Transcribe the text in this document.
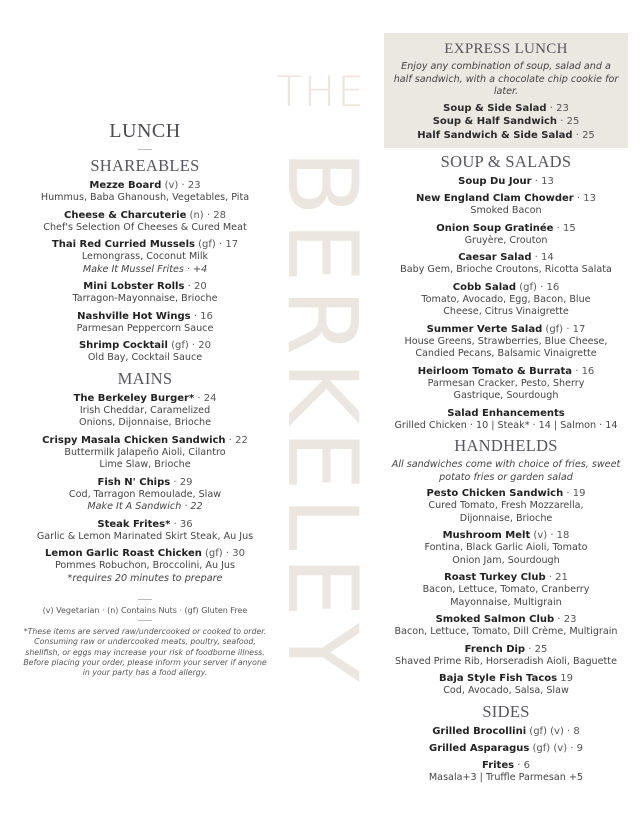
THE
BERKELEY
LUNCH
SHAREABLES
Mezze Board (v) · 23
Hummus, Baba Ghanoush, Vegetables, Pita
Cheese & Charcuterie (n) · 28
Chef's Selection Of Cheeses & Cured Meat
Thai Red Curried Mussels (gf) · 17
Lemongrass, Coconut Milk
Make It Mussel Frites · +4
Mini Lobster Rolls · 20
Tarragon-Mayonnaise, Brioche
Nashville Hot Wings · 16
Parmesan Peppercorn Sauce
Shrimp Cocktail (gf) · 20
Old Bay, Cocktail Sauce
MAINS
The Berkeley Burger* · 24
Irish Cheddar, Caramelized
Onions, Dijonnaise, Brioche
Crispy Masala Chicken Sandwich · 22
Buttermilk Jalapeño Aioli, Cilantro
Lime Slaw, Brioche
Fish N' Chips · 29
Cod, Tarragon Remoulade, Slaw
Make It A Sandwich · 22
Steak Frites* · 36
Garlic & Lemon Marinated Skirt Steak, Au Jus
Lemon Garlic Roast Chicken (gf) · 30
Pommes Robuchon, Broccolini, Au Jus
*requires 20 minutes to prepare
(v) Vegetarian · (n) Contains Nuts · (gf) Gluten Free
*These items are served raw/undercooked or cooked to order. Consuming raw or undercooked meats, poultry, seafood, shellfish, or eggs may increase your risk of foodborne illness. Before placing your order, please inform your server if anyone in your party has a food allergy.
EXPRESS LUNCH
Enjoy any combination of soup, salad and a half sandwich, with a chocolate chip cookie for later.
Soup & Side Salad · 23
Soup & Half Sandwich · 25
Half Sandwich & Side Salad · 25
SOUP & SALADS
Soup Du Jour · 13
New England Clam Chowder · 13
Smoked Bacon
Onion Soup Gratinée · 15
Gruyère, Crouton
Caesar Salad · 14
Baby Gem, Brioche Croutons, Ricotta Salata
Cobb Salad (gf) · 16
Tomato, Avocado, Egg, Bacon, Blue
Cheese, Citrus Vinaigrette
Summer Verte Salad (gf) · 17
House Greens, Strawberries, Blue Cheese,
Candied Pecans, Balsamic Vinaigrette
Heirloom Tomato & Burrata · 16
Parmesan Cracker, Pesto, Sherry
Gastrique, Sourdough
Salad Enhancements
Grilled Chicken · 10 | Steak* · 14 | Salmon · 14
HANDHELDS
All sandwiches come with choice of fries, sweet potato fries or garden salad
Pesto Chicken Sandwich · 19
Cured Tomato, Fresh Mozzarella,
Dijonnaise, Brioche
Mushroom Melt (v) · 18
Fontina, Black Garlic Aioli, Tomato
Onion Jam, Sourdough
Roast Turkey Club · 21
Bacon, Lettuce, Tomato, Cranberry
Mayonnaise, Multigrain
Smoked Salmon Club · 23
Bacon, Lettuce, Tomato, Dill Crème, Multigrain
French Dip · 25
Shaved Prime Rib, Horseradish Aioli, Baguette
Baja Style Fish Tacos 19
Cod, Avocado, Salsa, Slaw
SIDES
Grilled Brocollini (gf) (v) · 8
Grilled Asparagus (gf) (v) · 9
Frites · 6
Masala+3 | Truffle Parmesan +5
